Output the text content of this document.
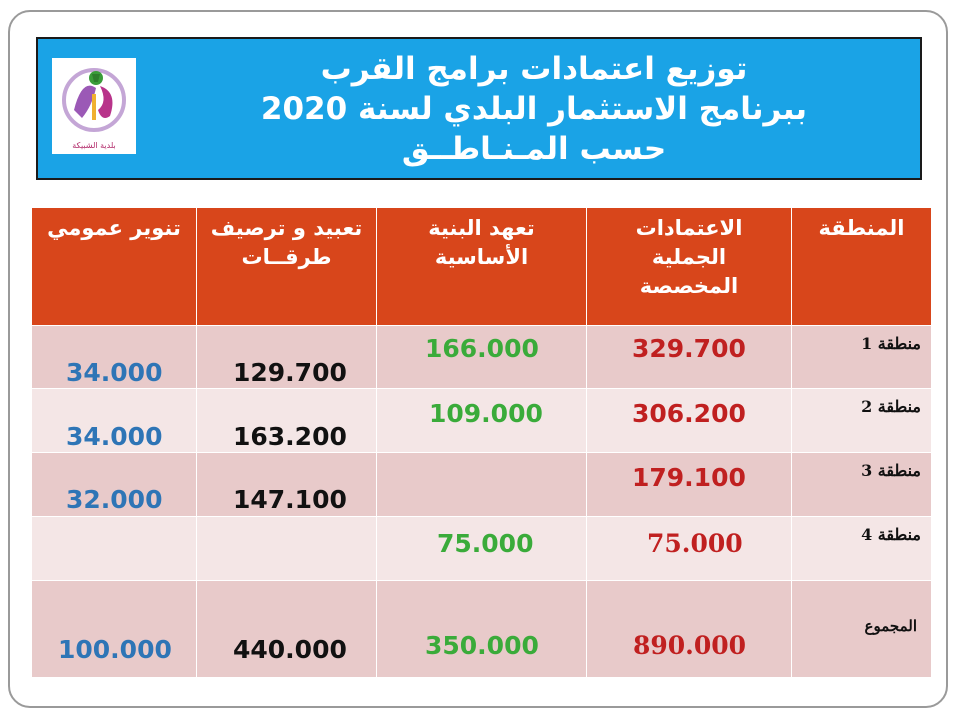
توزيع اعتمادات برامج القرب
ببرنامج الاستثمار البلدي لسنة 2020
حسب المـنـاطــق
بلدية الشبيكة
المنطقة	الاعتمادات الجملية المخصصة	تعهد البنية الأساسية	تعبيد و ترصيف طرقــات	تنوير عمومي

منطقة 1	329.700	166.000	129.700	34.000

منطقة 2	306.200	109.000	163.200	34.000

منطقة 3	179.100		147.100	32.000

منطقة 4	75.000	75.000		

المجموع	890.000	350.000	440.000	100.000
